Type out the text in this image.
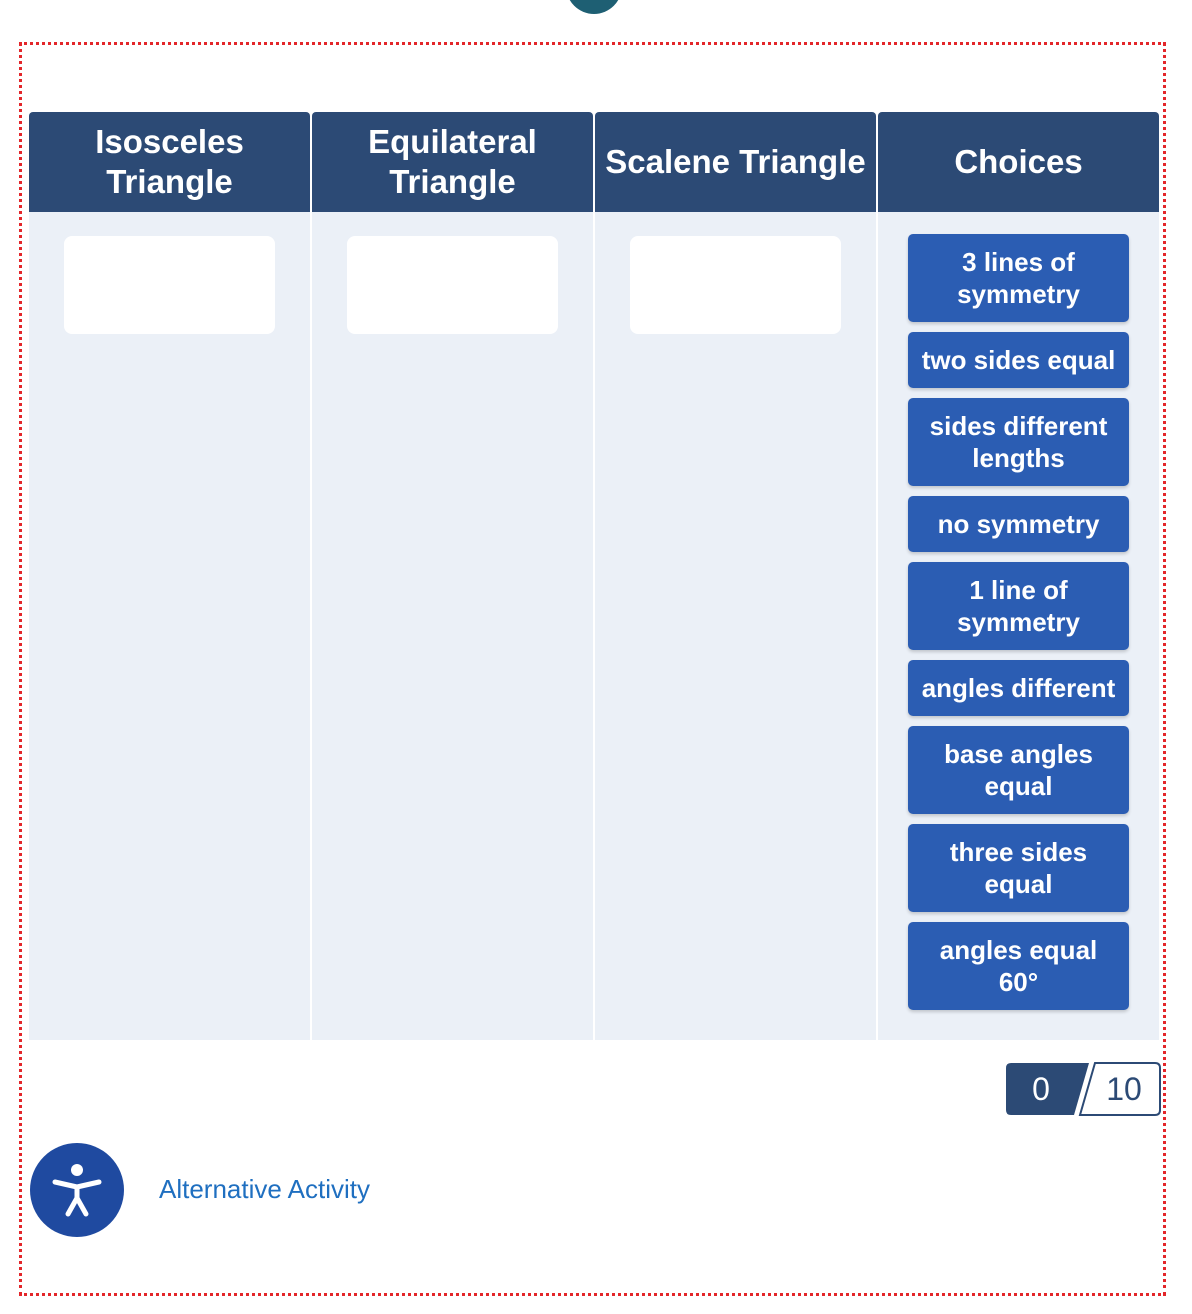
Isosceles Triangle
Equilateral Triangle
Scalene Triangle	Choices
3 lines of symmetry
two sides equal
sides different lengths
no symmetry
1 line of symmetry
angles different
base angles equal
three sides equal
angles equal 60°
0	10
Alternative Activity
